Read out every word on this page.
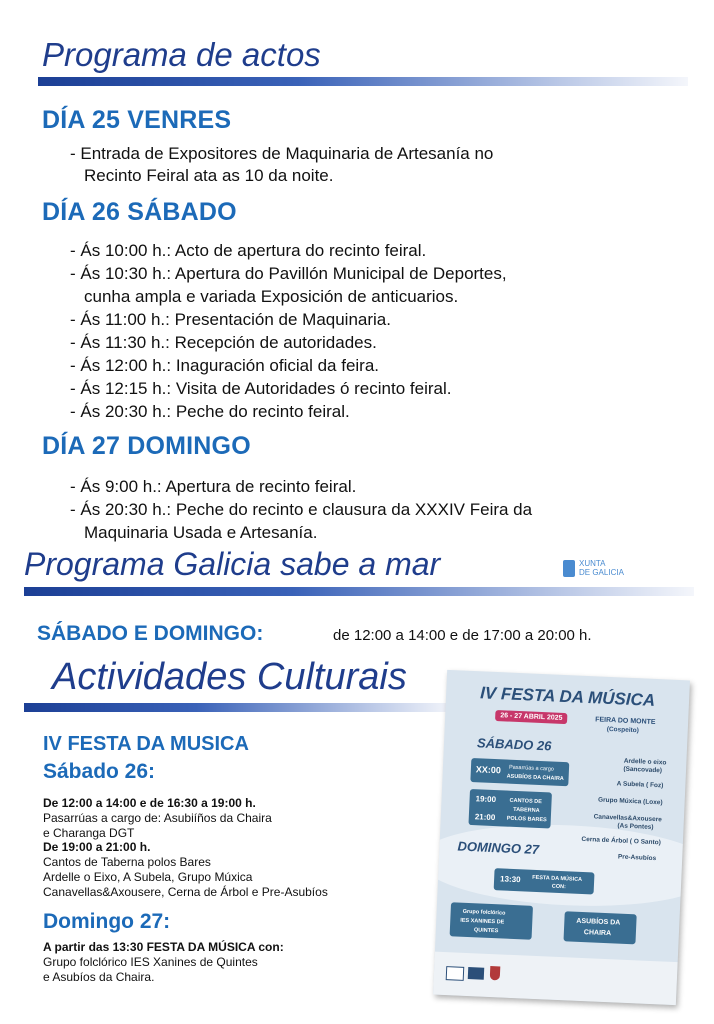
Programa de actos
DÍA 25 VENRES
- Entrada de Expositores de Maquinaria de Artesanía no
Recinto Feiral ata as 10 da noite.
DÍA 26 SÁBADO
- Ás 10:00 h.: Acto de apertura do recinto feiral.
- Ás 10:30 h.: Apertura do Pavillón Municipal de Deportes,
cunha ampla e variada Exposición de anticuarios.
- Ás 11:00 h.: Presentación de Maquinaria.
- Ás 11:30 h.: Recepción de autoridades.
- Ás 12:00 h.: Inaguración oficial da feira.
- Ás 12:15 h.: Visita de Autoridades ó recinto feiral.
- Ás 20:30 h.: Peche do recinto feiral.
DÍA 27 DOMINGO
- Ás 9:00 h.: Apertura de recinto feiral.
- Ás 20:30 h.: Peche do recinto e clausura da XXXIV Feira da
Maquinaria Usada e Artesanía.
Programa Galicia sabe a mar	XUNTA
DE GALICIA
SÁBADO E DOMINGO:	de 12:00 a 14:00 e de 17:00 a 20:00 h.
Actividades Culturais
IV FESTA DA MUSICA
Sábado 26:
De 12:00 a 14:00 e de 16:30 a 19:00 h.
Pasarrúas a cargo de: Asubiíños da Chaira
e Charanga DGT
De 19:00 a 21:00 h.
Cantos de Taberna polos Bares
Ardelle o Eixo, A Subela, Grupo Múxica
Canavellas&Axousere, Cerna de Árbol e Pre-Asubíos
Domingo 27:
A partir das 13:30 FESTA DA MÚSICA con:
Grupo folclórico IES Xanines de Quintes
e Asubíos da Chaira.
IV FESTA DA MÚSICA
26 - 27 ABRIL 2025	FEIRA DO MONTE
(Cospeito)
SÁBADO 26
XX:00 Pasarrúas a cargo
ASUBÍOS DA CHAIRA
19:00
21:00
CANTOS DE
TABERNA
POLOS BARES
Ardelle o eixo
(Sancovade)
A Subela ( Foz)
Grupo Múxica (Loxe)
Canavellas&Axousere
(As Pontes)
Cerna de Árbol ( O Santo)
Pre-Asubíos
DOMINGO 27
13:30 FESTA DA MÚSICA
CON:
Grupo folclórico
IES XANINES DE
QUINTES
ASUBÍOS DA
CHAIRA
